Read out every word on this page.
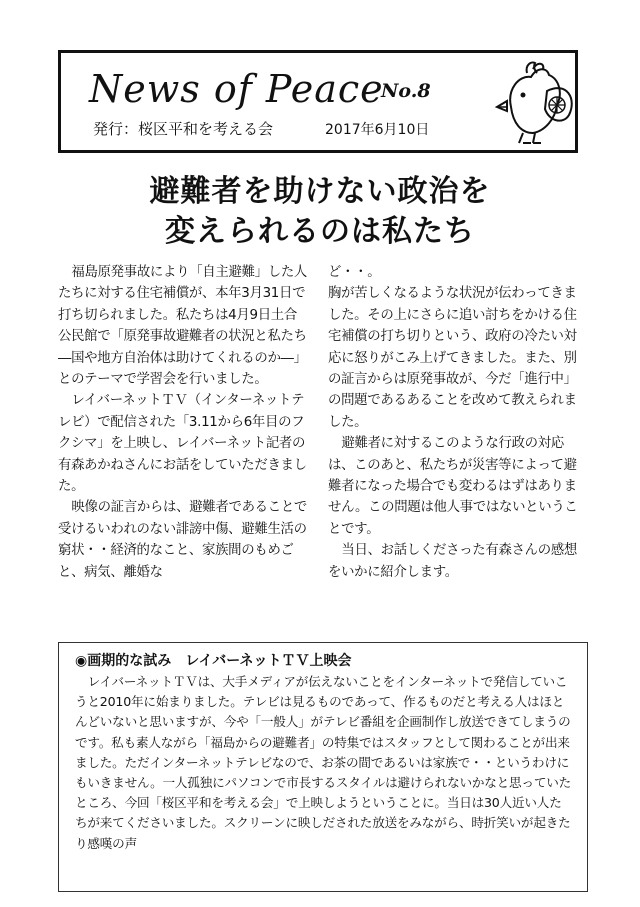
News of Peace
No.8
発行：桜区平和を考える会	2017年6月10日
避難者を助けない政治を
変えられるのは私たち

福島原発事故により「自主避難」した人たちに対する住宅補償が、本年3月31日で打ち切られました。私たちは4月9日土合公民館で「原発事故避難者の状況と私たち―国や地方自治体は助けてくれるのか―」とのテーマで学習会を行いました。

レイバーネットＴＶ（インターネットテレビ）で配信された「3.11から6年目のフクシマ」を上映し、レイバーネット記者の有森あかねさんにお話をしていただきました。

映像の証言からは、避難者であることで受けるいわれのない誹謗中傷、避難生活の窮状・・経済的なこと、家族間のもめごと、病気、離婚な

ど・・。

胸が苦しくなるような状況が伝わってきました。その上にさらに追い討ちをかける住宅補償の打ち切りという、政府の冷たい対応に怒りがこみ上げてきました。また、別の証言からは原発事故が、今だ「進行中」の問題であるあることを改めて教えられました。

避難者に対するこのような行政の対応は、このあと、私たちが災害等によって避難者になった場合でも変わるはずはありません。この問題は他人事ではないということです。

当日、お話しくださった有森さんの感想をいかに紹介します。

◉画期的な試み　レイバーネットＴＶ上映会

レイバーネットＴＶは、大手メディアが伝えないことをインターネットで発信していこうと2010年に始まりました。テレビは見るものであって、作るものだと考える人はほとんどいないと思いますが、今や「一般人」がテレビ番組を企画制作し放送できてしまうのです。私も素人ながら「福島からの避難者」の特集ではスタッフとして関わることが出来ました。ただインターネットテレビなので、お茶の間であるいは家族で・・というわけにもいきません。一人孤独にパソコンで市長するスタイルは避けられないかなと思っていたところ、今回「桜区平和を考える会」で上映しようということに。当日は30人近い人たちが来てくださいました。スクリーンに映しだされた放送をみながら、時折笑いが起きたり感嘆の声
